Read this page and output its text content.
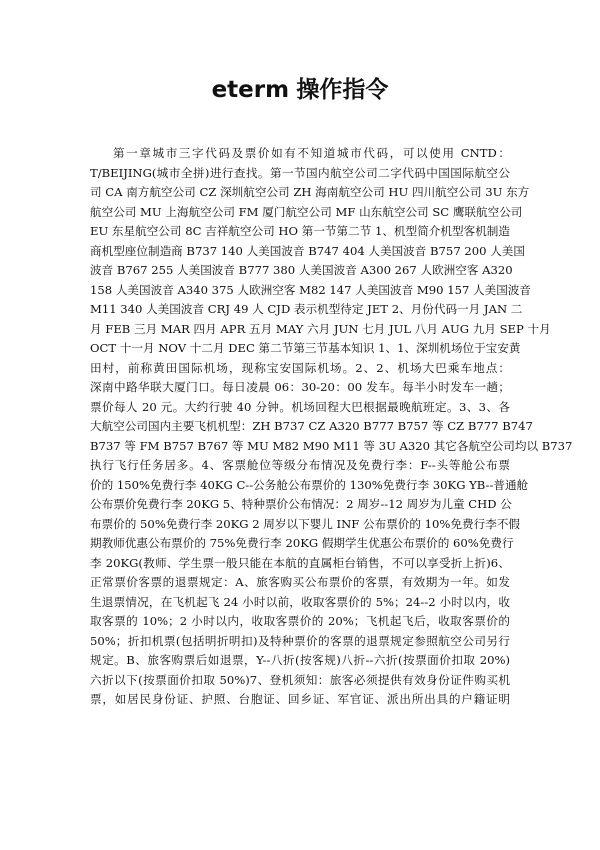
eterm 操作指令
第一章城市三字代码及票价如有不知道城市代码，可以使用 CNTD：
T/BEIJING(城市全拼)进行查找。第一节国内航空公司二字代码中国国际航空公
司 CA 南方航空公司 CZ 深圳航空公司 ZH 海南航空公司 HU 四川航空公司 3U 东方
航空公司 MU 上海航空公司 FM 厦门航空公司 MF 山东航空公司 SC 鹰联航空公司
EU 东星航空公司 8C 吉祥航空公司 HO 第一节第二节 1、机型简介机型客机制造
商机型座位制造商 B737 140 人美国波音 B747 404 人美国波音 B757 200 人美国
波音 B767 255 人美国波音 B777 380 人美国波音 A300 267 人欧洲空客 A320
158 人美国波音 A340 375 人欧洲空客 M82 147 人美国波音 M90 157 人美国波音
M11 340 人美国波音 CRJ 49 人 CJD 表示机型待定 JET 2、月份代码一月 JAN 二
月 FEB 三月 MAR 四月 APR 五月 MAY 六月 JUN 七月 JUL 八月 AUG 九月 SEP 十月
OCT 十一月 NOV 十二月 DEC 第二节第三节基本知识 1、1、深圳机场位于宝安黄
田村，前称黄田国际机场，现称宝安国际机场。2、2、机场大巴乘车地点：
深南中路华联大厦门口。每日凌晨 06：30-20：00 发车。每半小时发车一趟；
票价每人 20 元。大约行驶 40 分钟。机场回程大巴根据最晚航班定。3、3、各
大航空公司国内主要飞机机型：ZH B737 CZ A320 B777 B757 等 CZ B777 B747
B737 等 FM B757 B767 等 MU M82 M90 M11 等 3U A320 其它各航空公司均以 B737
执行飞行任务居多。4、客票舱位等级分布情况及免费行李：F--头等舱公布票
价的 150%免费行李 40KG C--公务舱公布票价的 130%免费行李 30KG YB--普通舱
公布票价免费行李 20KG 5、特种票价公布情况：2 周岁--12 周岁为儿童 CHD 公
布票价的 50%免费行李 20KG 2 周岁以下婴儿 INF 公布票价的 10%免费行李不假
期教师优惠公布票价的 75%免费行李 20KG 假期学生优惠公布票价的 60%免费行
李 20KG(教师、学生票一般只能在本航的直属柜台销售，不可以享受折上折)6、
正常票价客票的退票规定：A、旅客购买公布票价的客票，有效期为一年。如发
生退票情况，在飞机起飞 24 小时以前，收取客票价的 5%；24--2 小时以内，收
取客票的 10%；2 小时以内，收取客票价的 20%；飞机起飞后，收取客票价的
50%；折扣机票(包括明折明扣)及特种票价的客票的退票规定参照航空公司另行
规定。B、旅客购票后如退票，Y--八折(按客规)八折--六折(按票面价扣取 20%)
六折以下(按票面价扣取 50%)7、登机须知：旅客必须提供有效身份证件购买机
票，如居民身份证、护照、台胞证、回乡证、军官证、派出所出具的户籍证明
